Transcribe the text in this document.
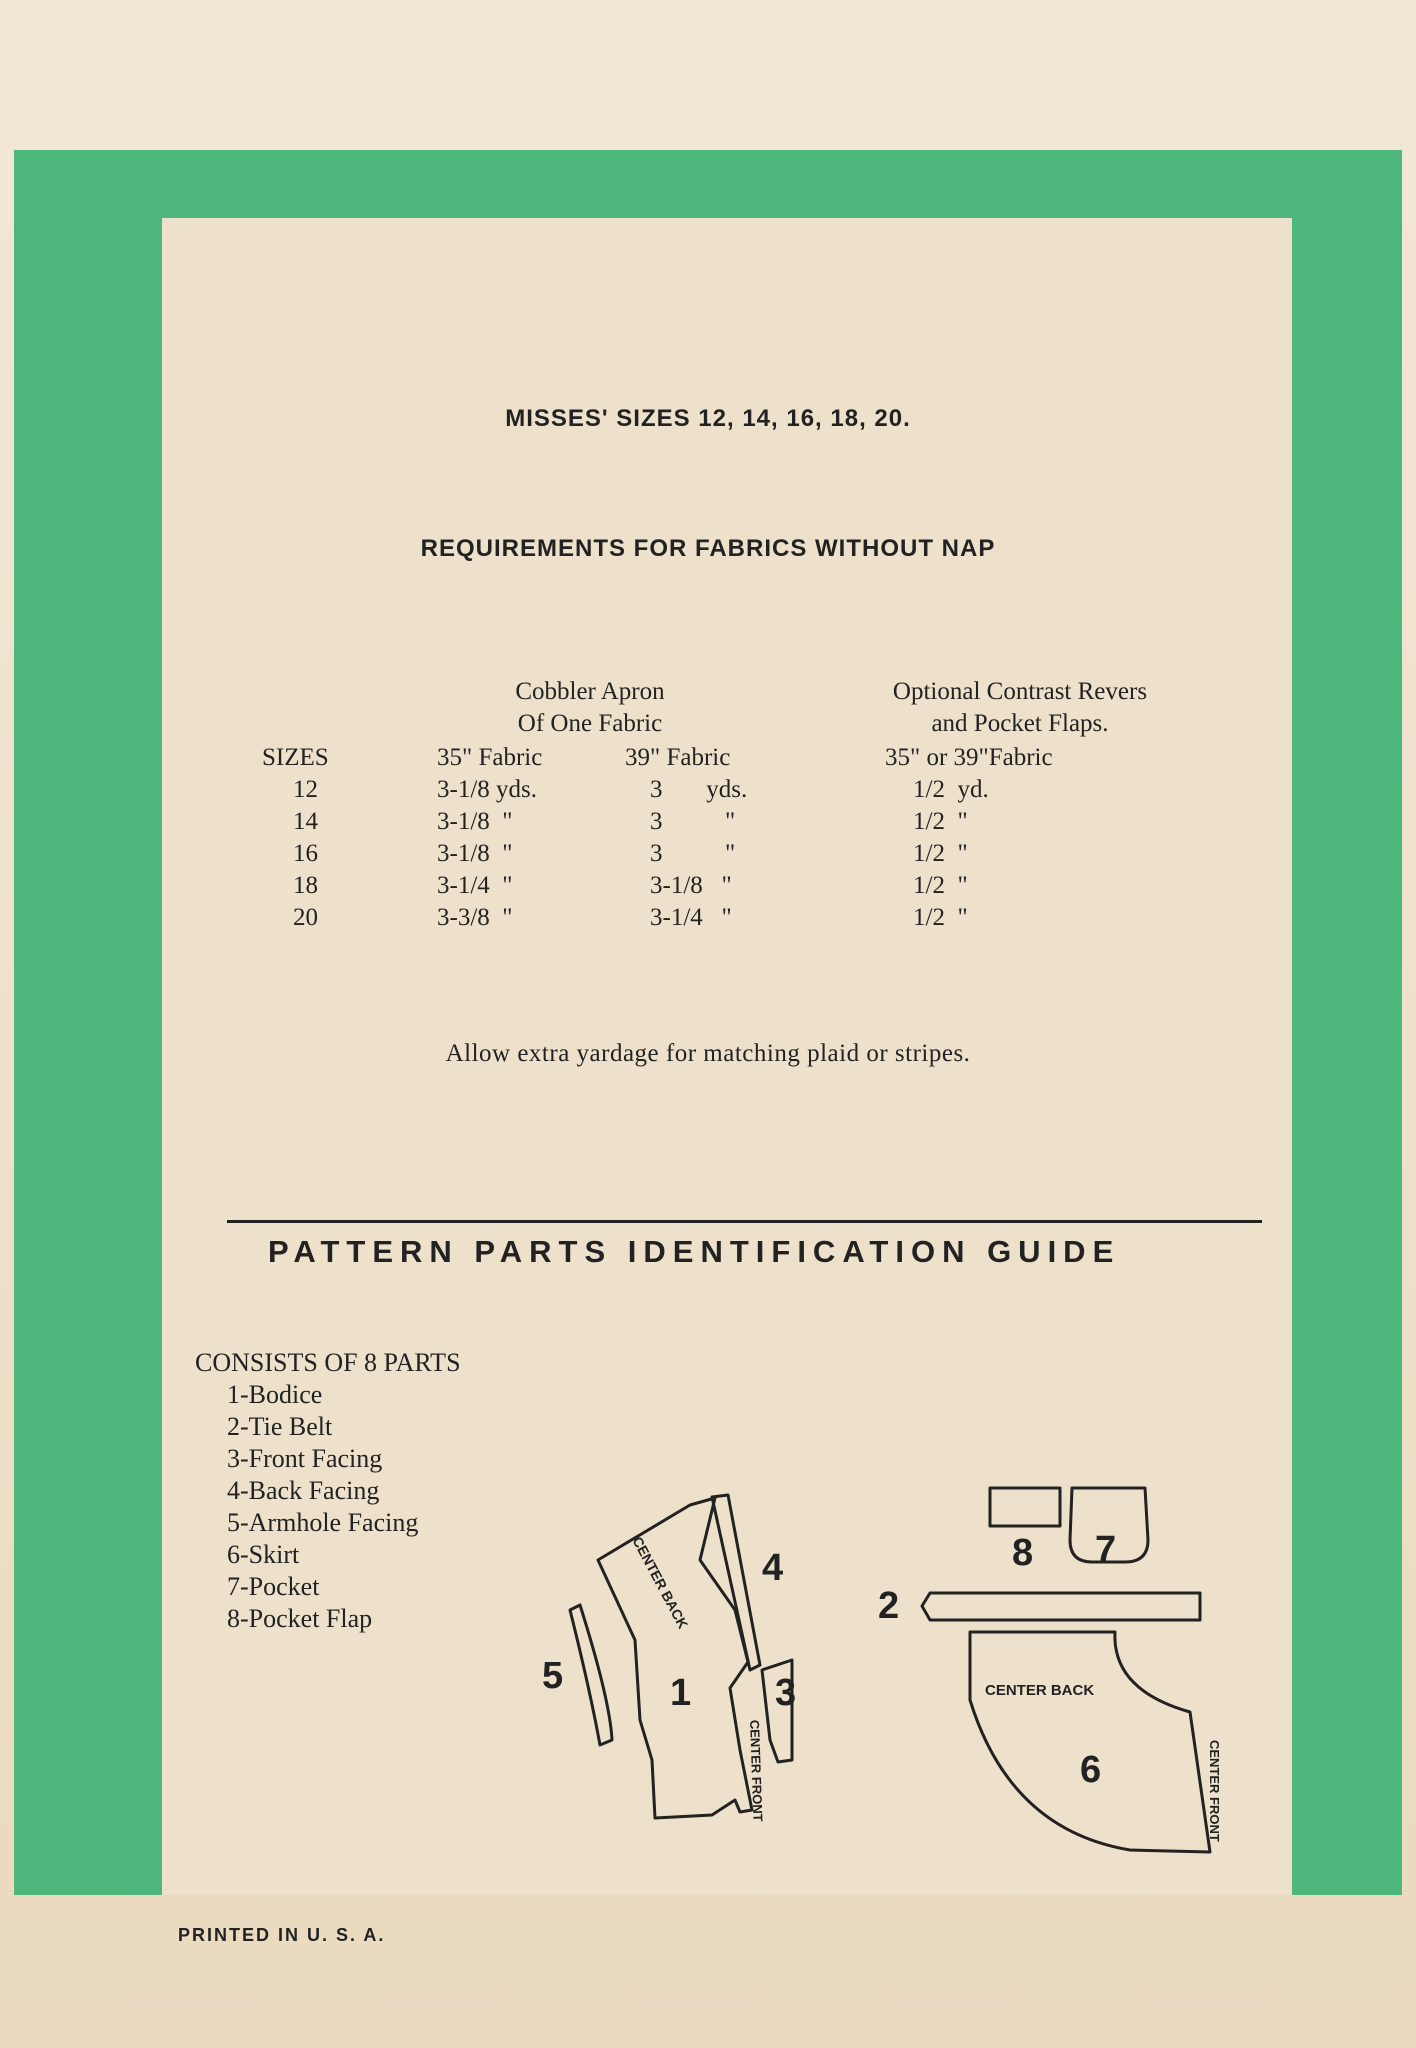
MISSES' SIZES 12, 14, 16, 18, 20.
REQUIREMENTS FOR FABRICS WITHOUT NAP
Cobbler Apron
Of One Fabric
Optional Contrast Revers
and Pocket Flaps.
SIZES	35" Fabric	39" Fabric	35" or 39"Fabric
12	3-1/8 yds.	3       yds.	1/2  yd.
14	3-1/8  "	3          "	1/2  "
16	3-1/8  "	3          "	1/2  "
18	3-1/4  "	3-1/8   "	1/2  "
20	3-3/8  "	3-1/4   "	1/2  "
Allow extra yardage for matching plaid or stripes.
PATTERN PARTS IDENTIFICATION GUIDE
CONSISTS OF 8 PARTS
1-Bodice
2-Tie Belt
3-Front Facing
4-Back Facing
5-Armhole Facing
6-Skirt
7-Pocket
8-Pocket Flap
1
2
3
4
5
6
7
8
CENTER BACK
CENTER FRONT
CENTER BACK
CENTER FRONT
PRINTED IN U. S. A.
